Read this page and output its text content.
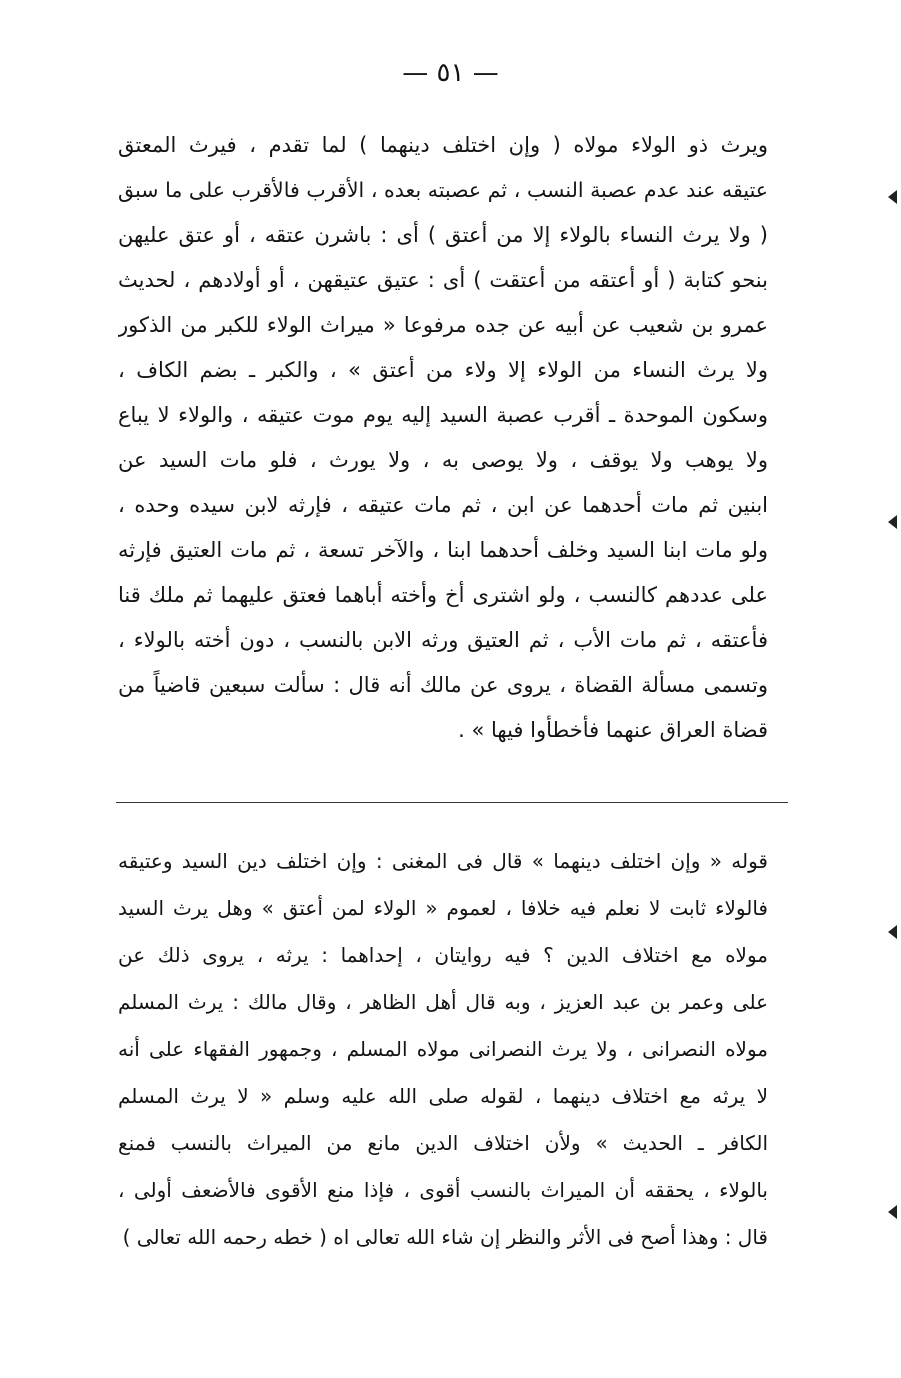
— ٥١ —
ويرث ذو الولاء مولاه ( وإن اختلف دينهما ) لما تقدم ، فيرث المعتق
عتيقه عند عدم عصبة النسب ، ثم عصبته بعده ، الأقرب فالأقرب على ما سبق
( ولا يرث النساء بالولاء إلا من أعتق ) أى : باشرن عتقه ، أو عتق عليهن
بنحو كتابة ( أو أعتقه من أعتقت ) أى : عتيق عتيقهن ، أو أولادهم ، لحديث
عمرو بن شعيب عن أبيه عن جده مرفوعا « ميراث الولاء للكبر من الذكور
ولا يرث النساء من الولاء إلا ولاء من أعتق » ، والكبر ـ بضم الكاف ،
وسكون الموحدة ـ أقرب عصبة السيد إليه يوم موت عتيقه ، والولاء لا يباع
ولا يوهب ولا يوقف ، ولا يوصى به ، ولا يورث ، فلو مات السيد عن
ابنين ثم مات أحدهما عن ابن ، ثم مات عتيقه ، فإرثه لابن سيده وحده ،
ولو مات ابنا السيد وخلف أحدهما ابنا ، والآخر تسعة ، ثم مات العتيق فإرثه
على عددهم كالنسب ، ولو اشترى أخ وأخته أباهما فعتق عليهما ثم ملك قنا
فأعتقه ، ثم مات الأب ، ثم العتيق ورثه الابن بالنسب ، دون أخته بالولاء ،
وتسمى مسألة القضاة ، يروى عن مالك أنه قال : سألت سبعين قاضياً من
قضاة العراق عنهما فأخطأوا فيها » .
قوله « وإن اختلف دينهما » قال فى المغنى : وإن اختلف دين السيد وعتيقه
فالولاء ثابت لا نعلم فيه خلافا ، لعموم « الولاء لمن أعتق » وهل يرث السيد
مولاه مع اختلاف الدين ؟ فيه روايتان ، إحداهما : يرثه ، يروى ذلك عن
على وعمر بن عبد العزيز ، وبه قال أهل الظاهر ، وقال مالك : يرث المسلم
مولاه النصرانى ، ولا يرث النصرانى مولاه المسلم ، وجمهور الفقهاء على أنه
لا يرثه مع اختلاف دينهما ، لقوله صلى الله عليه وسلم « لا يرث المسلم
الكافر ـ الحديث » ولأن اختلاف الدين مانع من الميراث بالنسب فمنع
بالولاء ، يحققه أن الميراث بالنسب أقوى ، فإذا منع الأقوى فالأضعف أولى ،
قال : وهذا أصح فى الأثر والنظر إن شاء الله تعالى اه ( خطه رحمه الله تعالى )
